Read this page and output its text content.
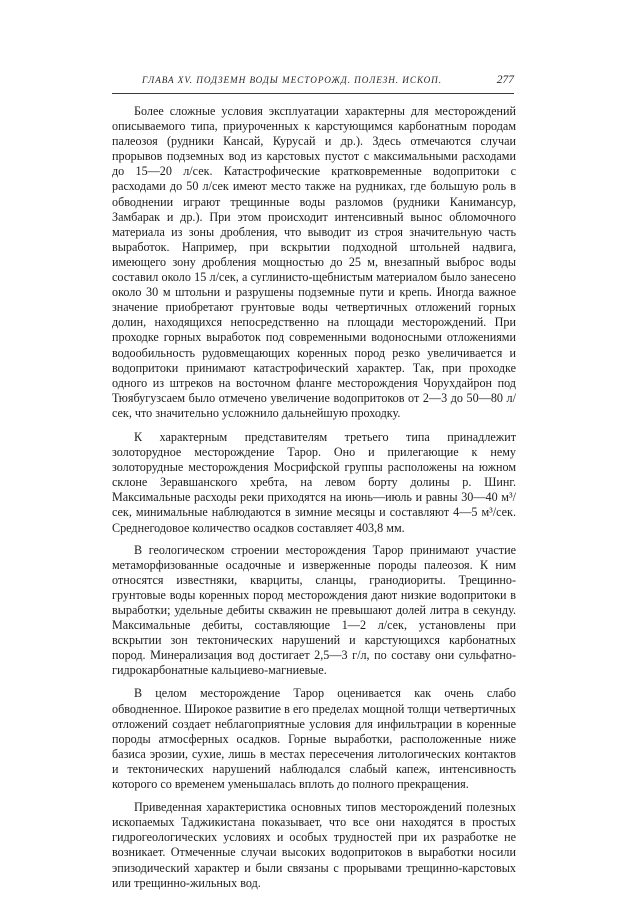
ГЛАВА XV. ПОДЗЕМН ВОДЫ МЕСТОРОЖД. ПОЛЕЗН. ИСКОП.	277

Более сложные условия эксплуатации характерны для месторождений описываемого типа, приуроченных к карстующимся карбонатным породам палеозоя (рудники Кансай, Курусай и др.). Здесь отмечаются случаи прорывов подземных вод из карстовых пустот с максимальными расходами до 15—20 л/сек. Катастрофические кратковременные водопритоки с расходами до 50 л/сек имеют место также на рудниках, где большую роль в обводнении играют трещинные воды разломов (рудники Канимансур, Замбарак и др.). При этом происходит интенсивный вынос обломочного материала из зоны дробления, что выводит из строя значительную часть выработок. Например, при вскрытии подходной штольней надвига, имеющего зону дробления мощностью до 25 м, внезапный выброс воды составил около 15 л/сек, а суглинисто-щебнистым материалом было занесено около 30 м штольни и разрушены подземные пути и крепь. Иногда важное значение приобретают грунтовые воды четвертичных отложений горных долин, находящихся непосредственно на площади месторождений. При проходке горных выработок под современными водоносными отложениями водообильность рудовмещающих коренных пород резко увеличивается и водопритоки принимают катастрофический характер. Так, при проходке одного из штреков на восточном фланге месторождения Чорухдайрон под Тюябугузсаем было отмечено увеличение водопритоков от 2—3 до 50—80 л/сек, что значительно усложнило дальнейшую проходку.

К характерным представителям третьего типа принадлежит золоторудное месторождение Тарор. Оно и прилегающие к нему золоторудные месторождения Мосрифской группы расположены на южном склоне Зеравшанского хребта, на левом борту долины р. Шинг. Максимальные расходы реки приходятся на июнь—июль и равны 30—40 м³/сек, минимальные наблюдаются в зимние месяцы и составляют 4—5 м³/сек. Среднегодовое количество осадков составляет 403,8 мм.

В геологическом строении месторождения Тарор принимают участие метаморфизованные осадочные и изверженные породы палеозоя. К ним относятся известняки, кварциты, сланцы, гранодиориты. Трещинно-грунтовые воды коренных пород месторождения дают низкие водопритоки в выработки; удельные дебиты скважин не превышают долей литра в секунду. Максимальные дебиты, составляющие 1—2 л/сек, установлены при вскрытии зон тектонических нарушений и карстующихся карбонатных пород. Минерализация вод достигает 2,5—3 г/л, по составу они сульфатно-гидрокарбонатные кальциево-магниевые.

В целом месторождение Тарор оценивается как очень слабо обводненное. Широкое развитие в его пределах мощной толщи четвертичных отложений создает неблагоприятные условия для инфильтрации в коренные породы атмосферных осадков. Горные выработки, расположенные ниже базиса эрозии, сухие, лишь в местах пересечения литологических контактов и тектонических нарушений наблюдался слабый капеж, интенсивность которого со временем уменьшалась вплоть до полного прекращения.

Приведенная характеристика основных типов месторождений полезных ископаемых Таджикистана показывает, что все они находятся в простых гидрогеологических условиях и особых трудностей при их разработке не возникает. Отмеченные случаи высоких водопритоков в выработки носили эпизодический характер и были связаны с прорывами трещинно-карстовых или трещинно-жильных вод.
